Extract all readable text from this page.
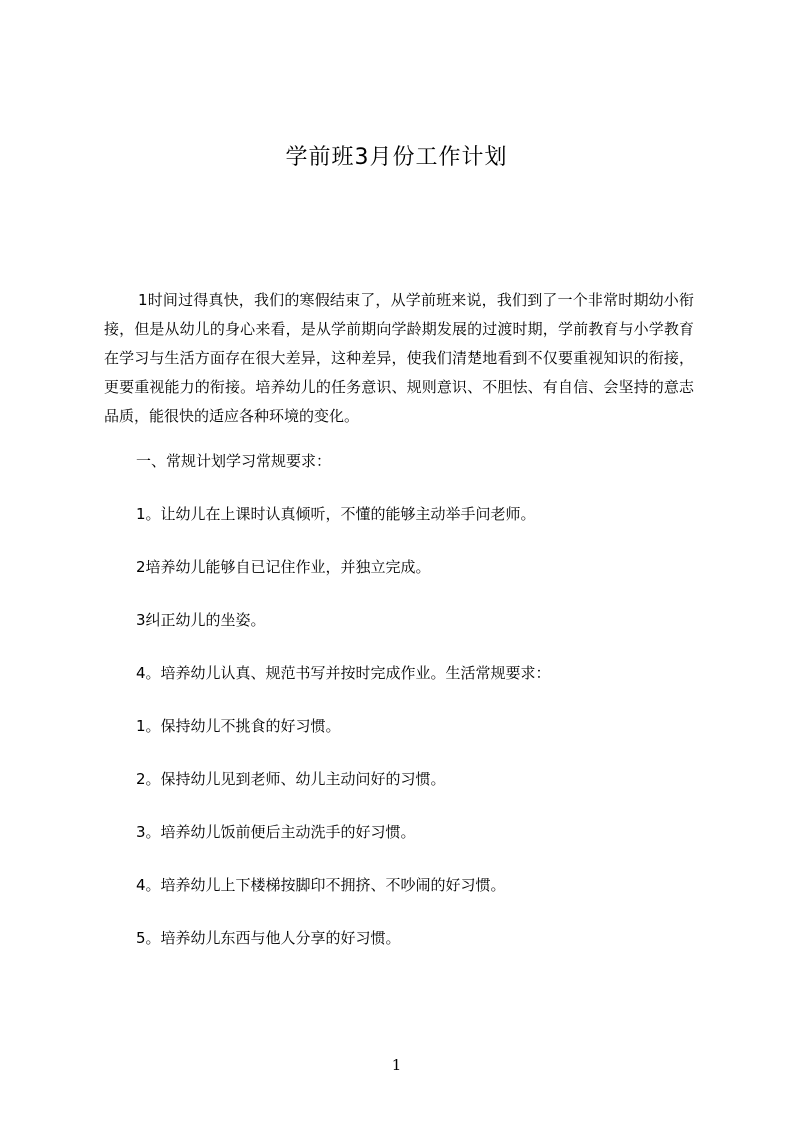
学前班3月份工作计划

1时间过得真快，我们的寒假结束了，从学前班来说，我们到了一个非常时期幼小衔接，但是从幼儿的身心来看，是从学前期向学龄期发展的过渡时期，学前教育与小学教育在学习与生活方面存在很大差异，这种差异，使我们清楚地看到不仅要重视知识的衔接，更要重视能力的衔接。培养幼儿的任务意识、规则意识、不胆怯、有自信、会坚持的意志品质，能很快的适应各种环境的变化。

一、常规计划学习常规要求：

1。让幼儿在上课时认真倾听，不懂的能够主动举手问老师。

2培养幼儿能够自已记住作业，并独立完成。

3纠正幼儿的坐姿。

4。培养幼儿认真、规范书写并按时完成作业。生活常规要求：

1。保持幼儿不挑食的好习惯。

2。保持幼儿见到老师、幼儿主动问好的习惯。

3。培养幼儿饭前便后主动洗手的好习惯。

4。培养幼儿上下楼梯按脚印不拥挤、不吵闹的好习惯。

5。培养幼儿东西与他人分享的好习惯。

1
